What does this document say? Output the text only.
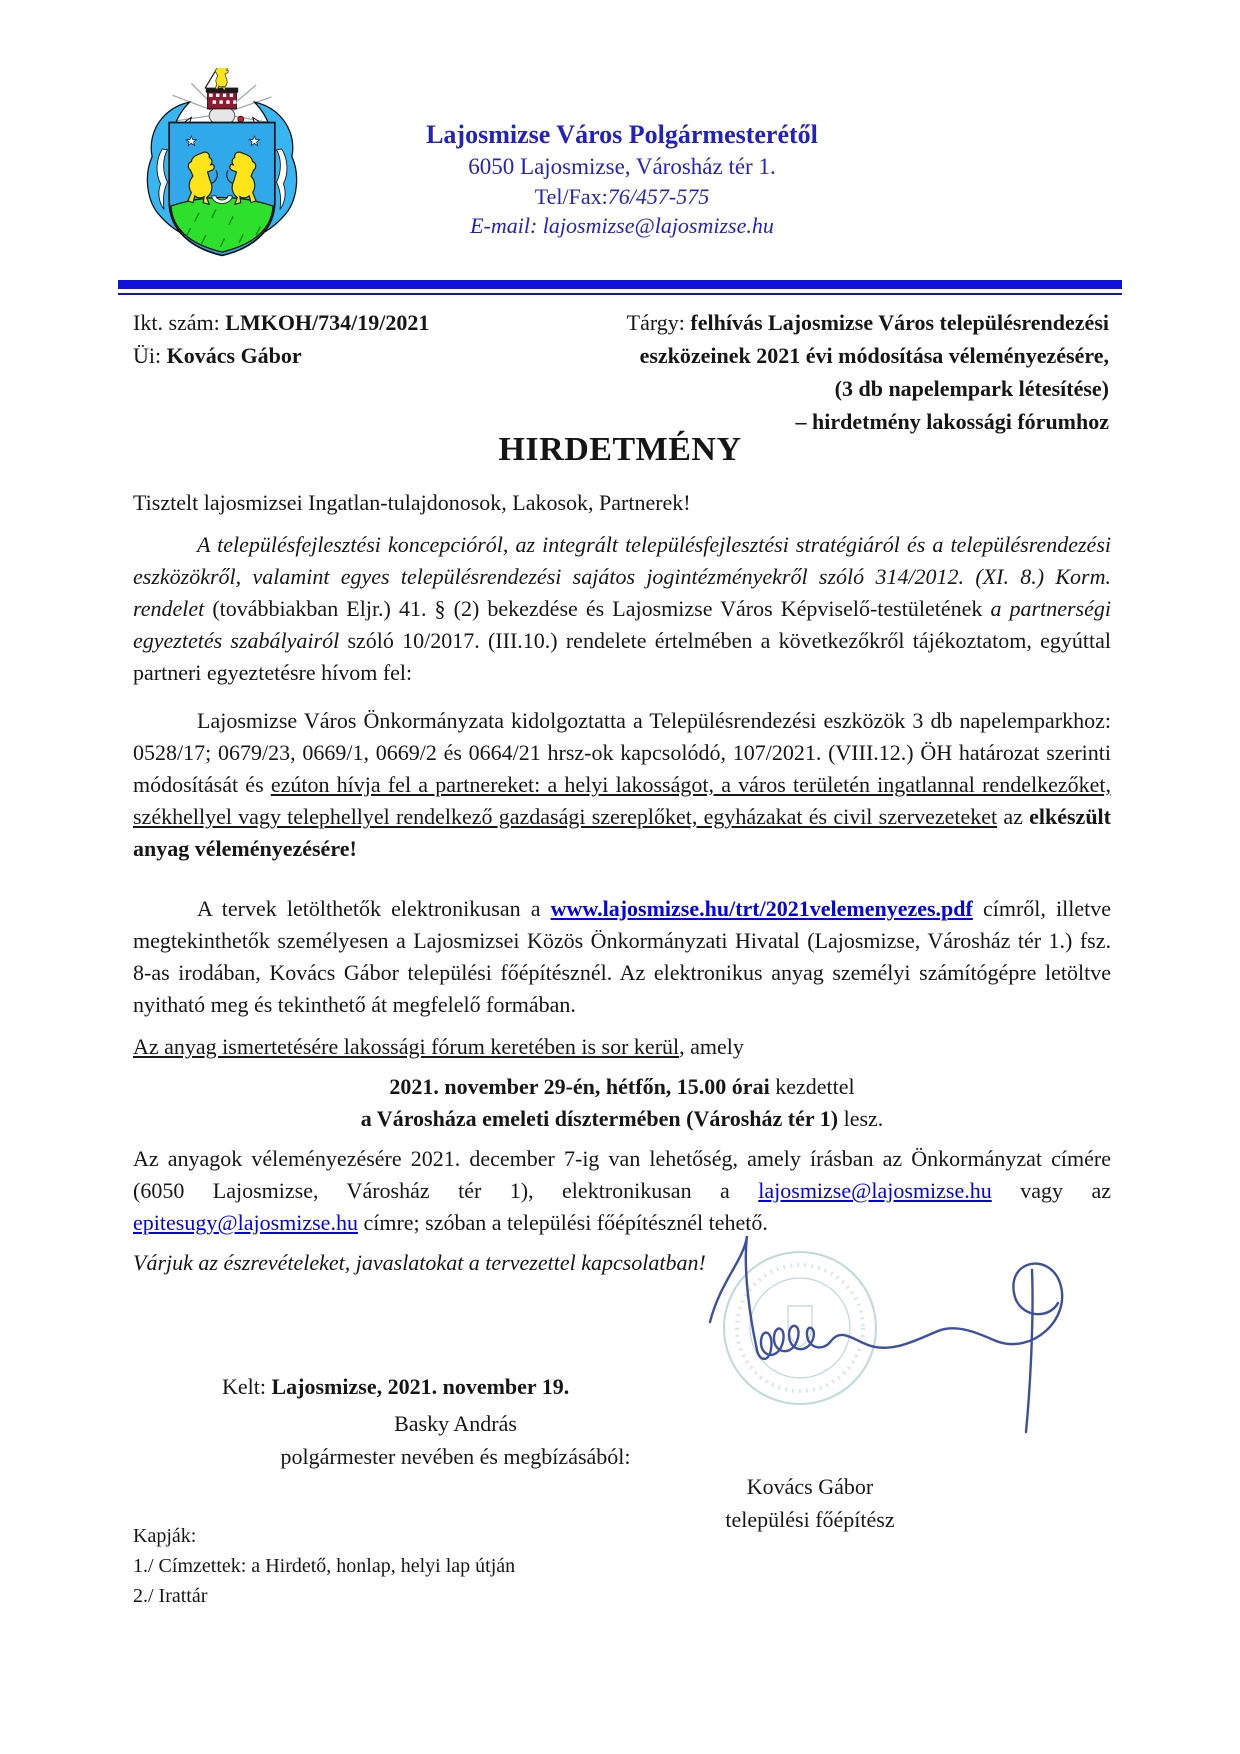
Lajosmizse Város Polgármesterétől
6050 Lajosmizse, Városház tér 1.
Tel/Fax:76/457-575
E-mail: lajosmizse@lajosmizse.hu
Ikt. szám: LMKOH/734/19/2021
Üi: Kovács Gábor
Tárgy: felhívás Lajosmizse Város településrendezési
eszközeinek 2021 évi módosítása véleményezésére,
(3 db napelempark létesítése)
– hirdetmény lakossági fórumhoz
HIRDETMÉNY

Tisztelt lajosmizsei Ingatlan-tulajdonosok, Lakosok, Partnerek!

A településfejlesztési koncepcióról, az integrált településfejlesztési stratégiáról és a településrendezési eszközökről, valamint egyes településrendezési sajátos jogintézményekről szóló 314/2012. (XI. 8.) Korm. rendelet (továbbiakban Eljr.) 41. § (2) bekezdése és Lajosmizse Város Képviselő-testületének a partnerségi egyeztetés szabályairól szóló 10/2017. (III.10.) rendelete értelmében a következőkről tájékoztatom, egyúttal partneri egyeztetésre hívom fel:

Lajosmizse Város Önkormányzata kidolgoztatta a Településrendezési eszközök 3 db napelemparkhoz: 0528/17; 0679/23, 0669/1, 0669/2 és 0664/21 hrsz-ok kapcsolódó, 107/2021. (VIII.12.) ÖH határozat szerinti módosítását és ezúton hívja fel a partnereket: a helyi lakosságot, a város területén ingatlannal rendelkezőket, székhellyel vagy telephellyel rendelkező gazdasági szereplőket, egyházakat és civil szervezeteket az elkészült anyag véleményezésére!

A tervek letölthetők elektronikusan a www.lajosmizse.hu/trt/2021velemenyezes.pdf címről, illetve megtekinthetők személyesen a Lajosmizsei Közös Önkormányzati Hivatal (Lajosmizse, Városház tér 1.) fsz. 8-as irodában, Kovács Gábor települési főépítésznél. Az elektronikus anyag személyi számítógépre letöltve nyitható meg és tekinthető át megfelelő formában.

Az anyag ismertetésére lakossági fórum keretében is sor kerül, amely

2021. november 29-én, hétfőn, 15.00 órai kezdettel

a Városháza emeleti dísztermében (Városház tér 1) lesz.

Az anyagok véleményezésére 2021. december 7-ig van lehetőség, amely írásban az Önkormányzat címére (6050 Lajosmizse, Városház tér 1), elektronikusan a lajosmizse@lajosmizse.hu vagy az epitesugy@lajosmizse.hu címre; szóban a települési főépítésznél tehető.

Várjuk az észrevételeket, javaslatokat a tervezettel kapcsolatban!

Kelt: Lajosmizse, 2021. november 19.
Basky András
polgármester nevében és megbízásából:
Kovács Gábor
települési főépítész
Kapják:
1./ Címzettek: a Hirdető, honlap, helyi lap útján
2./ Irattár
